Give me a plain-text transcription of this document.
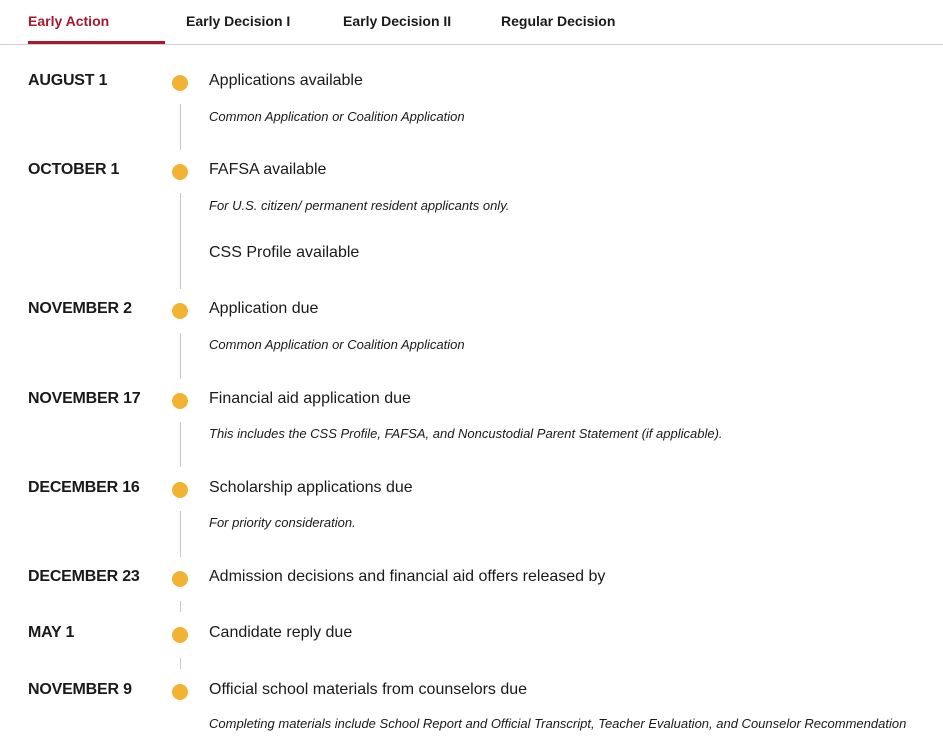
Early Action	Early Decision I	Early Decision II	Regular Decision
AUGUST 1	Applications available
Common Application or Coalition Application
OCTOBER 1	FAFSA available
For U.S. citizen/ permanent resident applicants only.
CSS Profile available
NOVEMBER 2	Application due
Common Application or Coalition Application
NOVEMBER 17	Financial aid application due
This includes the CSS Profile, FAFSA, and Noncustodial Parent Statement (if applicable).
DECEMBER 16	Scholarship applications due
For priority consideration.
DECEMBER 23	Admission decisions and financial aid offers released by
MAY 1	Candidate reply due
NOVEMBER 9	Official school materials from counselors due
Completing materials include School Report and Official Transcript, Teacher Evaluation, and Counselor Recommendation
